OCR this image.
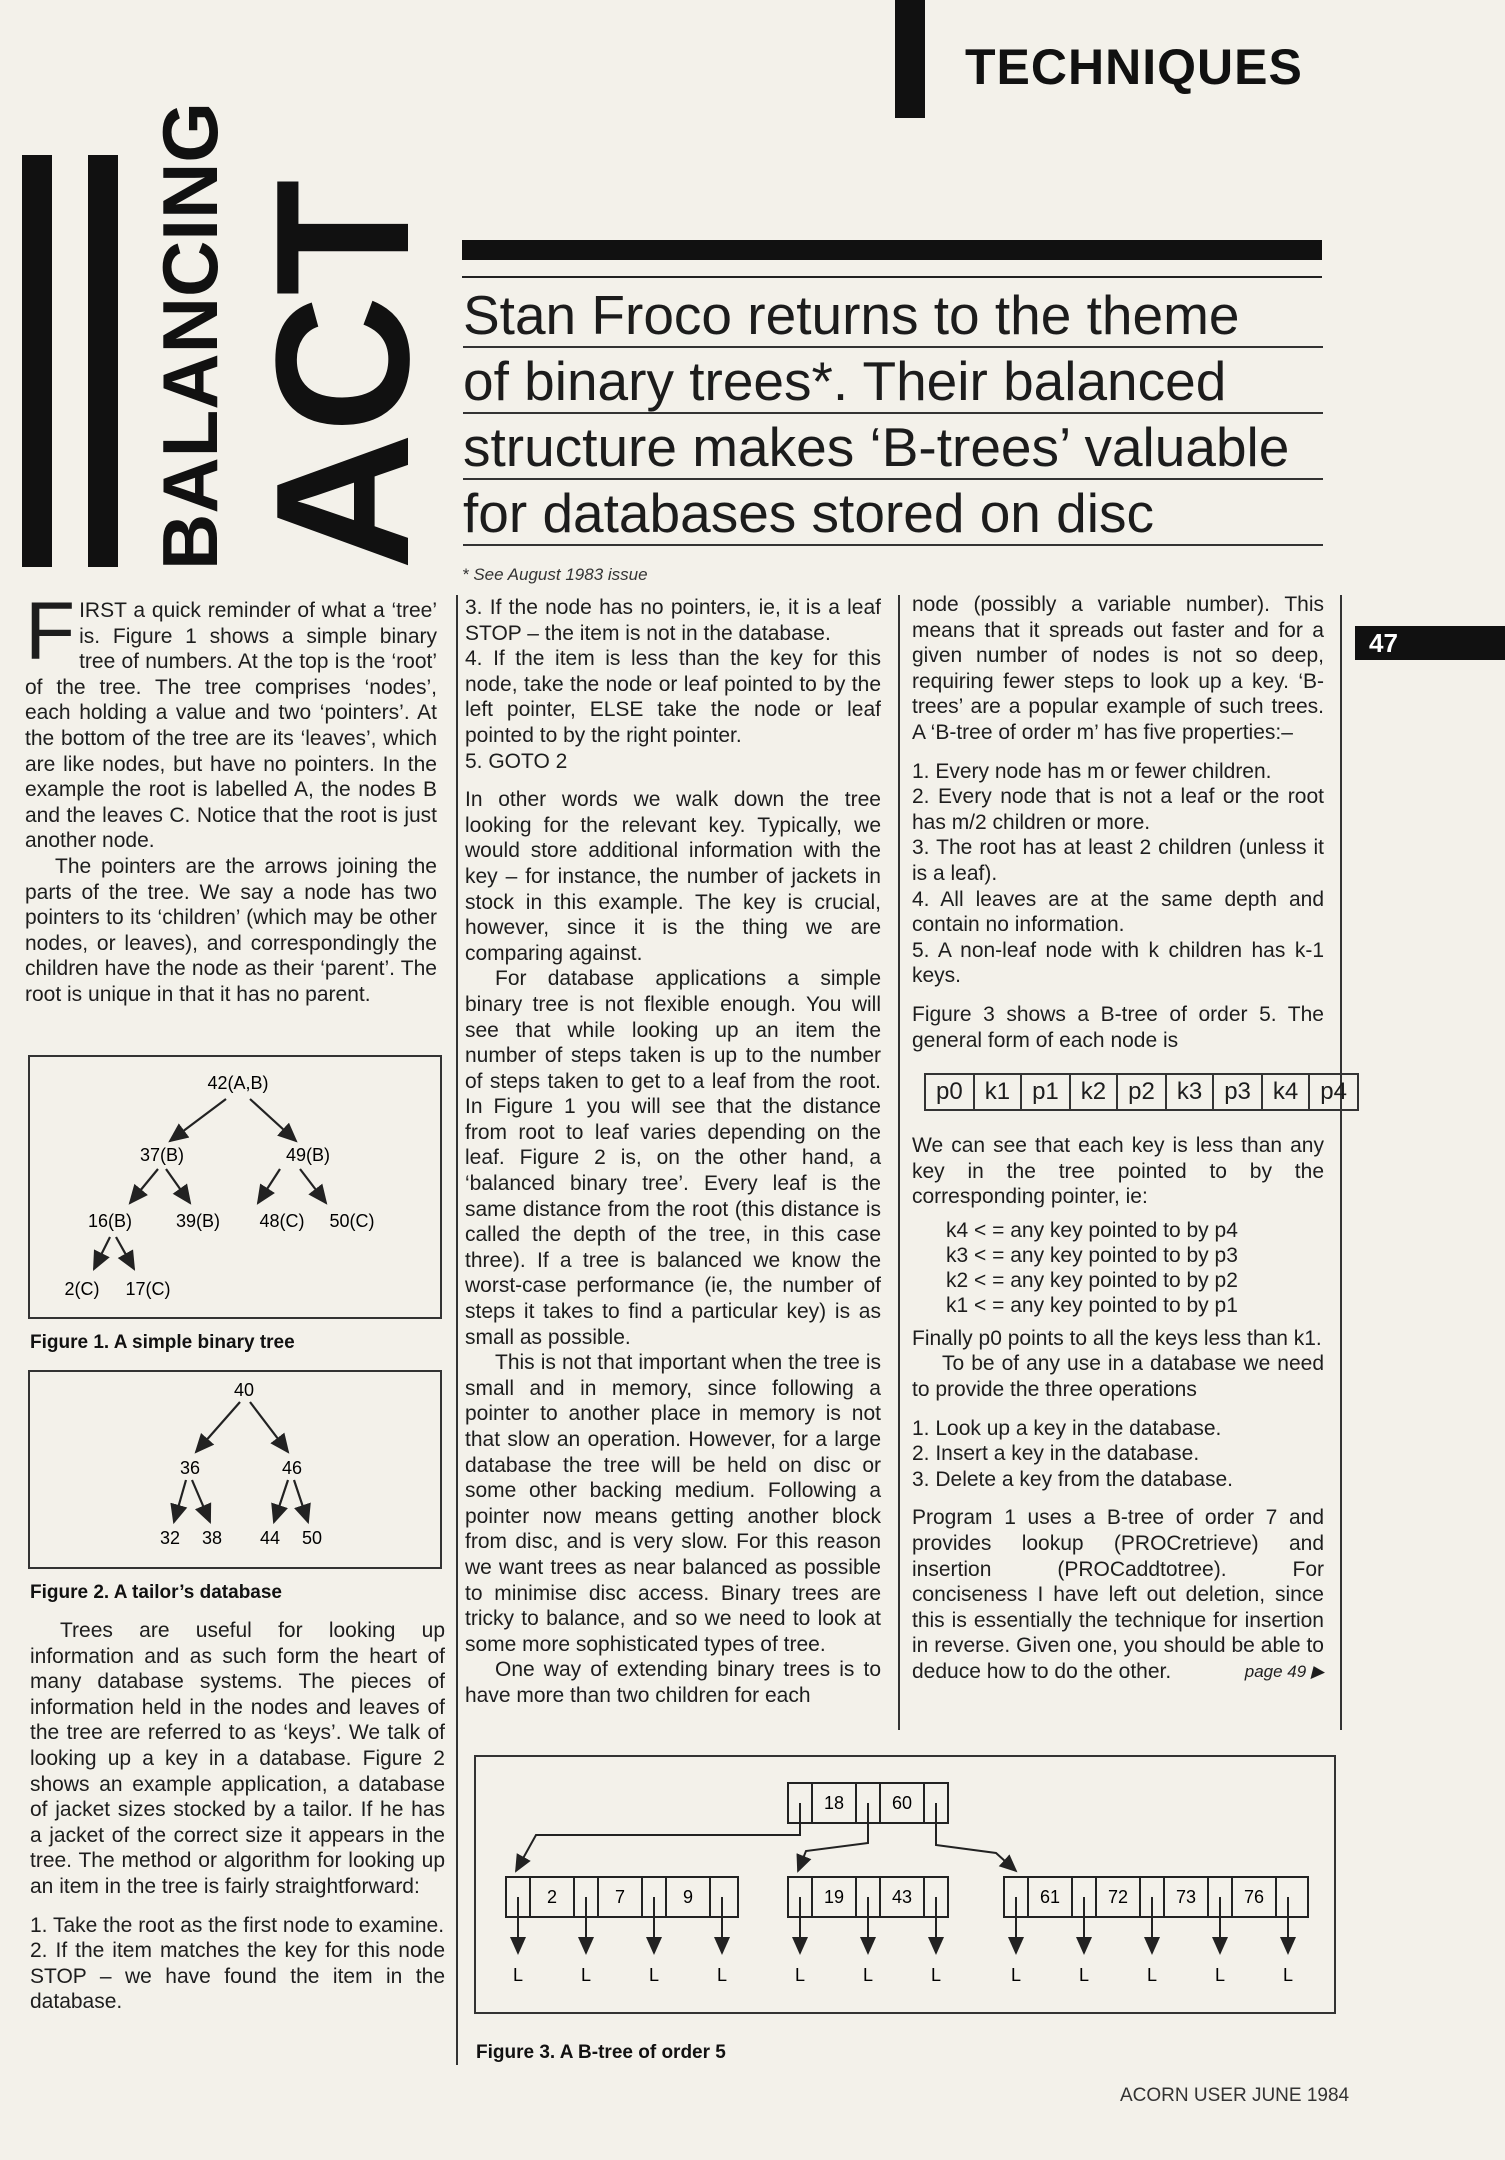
TECHNIQUES
BALANCING ACT Stan Froco returns to the theme
of binary trees*. Their balanced
structure makes ‘B-trees’ valuable
for databases stored on disc
* See August 1983 issue
47

FIRST a quick reminder of what a ‘tree’ is. Figure 1 shows a simple binary tree of numbers. At the top is the ‘root’ of the tree. The tree comprises ‘nodes’, each holding a value and two ‘pointers’. At the bottom of the tree are its ‘leaves’, which are like nodes, but have no pointers. In the example the root is labelled A, the nodes B and the leaves C. Notice that the root is just another node.

The pointers are the arrows joining the parts of the tree. We say a node has two pointers to its ‘children’ (which may be other nodes, or leaves), and correspondingly the children have the node as their ‘parent’. The root is unique in that it has no parent.

42(A,B)
37(B)	49(B)
16(B) 39(B) 48(C) 50(C)
2(C) 17(C)
Figure 1. A simple binary tree
40
36	46
32 38 44 50
Figure 2. A tailor’s database

Trees are useful for looking up information and as such form the heart of many database systems. The pieces of information held in the nodes and leaves of the tree are referred to as ‘keys’. We talk of looking up a key in a database. Figure 2 shows an example application, a database of jacket sizes stocked by a tailor. If he has a jacket of the correct size it appears in the tree. The method or algorithm for looking up an item in the tree is fairly straightforward:

1. Take the root as the first node to examine.

2. If the item matches the key for this node STOP – we have found the item in the database.

3. If the node has no pointers, ie, it is a leaf STOP – the item is not in the database.

4. If the item is less than the key for this node, take the node or leaf pointed to by the left pointer, ELSE take the node or leaf pointed to by the right pointer.

5. GOTO 2

In other words we walk down the tree looking for the relevant key. Typically, we would store additional information with the key – for instance, the number of jackets in stock in this example. The key is crucial, however, since it is the thing we are comparing against.

For database applications a simple binary tree is not flexible enough. You will see that while looking up an item the number of steps taken is up to the number of steps taken to get to a leaf from the root. In Figure 1 you will see that the distance from root to leaf varies depending on the leaf. Figure 2 is, on the other hand, a ‘balanced binary tree’. Every leaf is the same distance from the root (this distance is called the depth of the tree, in this case three). If a tree is balanced we know the worst-case performance (ie, the number of steps it takes to find a particular key) is as small as possible.

This is not that important when the tree is small and in memory, since following a pointer to another place in memory is not that slow an operation. However, for a large database the tree will be held on disc or some other backing medium. Following a pointer now means getting another block from disc, and is very slow. For this reason we want trees as near balanced as possible to minimise disc access. Binary trees are tricky to balance, and so we need to look at some more sophisticated types of tree.

One way of extending binary trees is to have more than two children for each

node (possibly a variable number). This means that it spreads out faster and for a given number of nodes is not so deep, requiring fewer steps to look up a key. ‘B-trees’ are a popular example of such trees. A ‘B-tree of order m’ has five properties:–

1. Every node has m or fewer children.

2. Every node that is not a leaf or the root has m/2 children or more.

3. The root has at least 2 children (unless it is a leaf).

4. All leaves are at the same depth and contain no information.

5. A non-leaf node with k children has k-1 keys.

Figure 3 shows a B-tree of order 5. The general form of each node is

p0 k1 p1 k2 p2 k3 p3 k4 p4

We can see that each key is less than any key in the tree pointed to by the corresponding pointer, ie:

k4 < = any key pointed to by p4
k3 < = any key pointed to by p3
k2 < = any key pointed to by p2
k1 < = any key pointed to by p1

Finally p0 points to all the keys less than k1.

To be of any use in a database we need to provide the three operations

1. Look up a key in the database.

2. Insert a key in the database.

3. Delete a key from the database.

Program 1 uses a B-tree of order 7 and provides lookup (PROCretrieve) and insertion (PROCaddtotree). For conciseness I have left out deletion, since this is essentially the technique for insertion in reverse. Given one, you should be able to deduce how to do the other.	page 49 ▶

18	60
2	7	9	19	43	61	72	73	76
L	L	L	L	L	L	L	L	L	L	L	L
Figure 3. A B-tree of order 5
ACORN USER JUNE 1984
